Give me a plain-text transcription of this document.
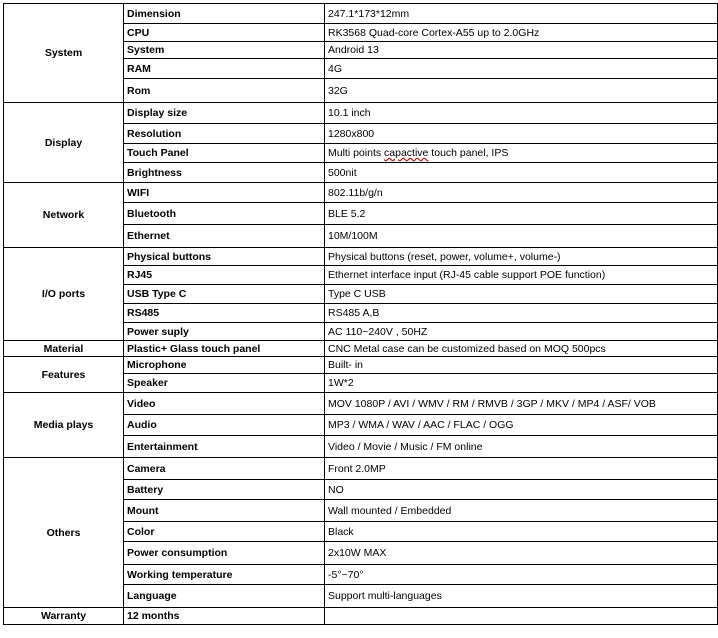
System	Dimension	247.1*173*12mm
	CPU	RK3568 Quad-core Cortex-A55 up to 2.0GHz
	System	Android 13
	RAM	4G
	Rom	32G
Display	Display size	10.1 inch
	Resolution	1280x800
	Touch Panel	Multi points capactive touch panel, IPS
	Brightness	500nit
Network	WIFI	802.11b/g/n
	Bluetooth	BLE 5.2
	Ethernet	10M/100M
I/O ports	Physical buttons	Physical buttons (reset, power, volume+, volume-)
	RJ45	Ethernet interface input (RJ-45 cable support POE function)
	USB Type C	Type C USB
	RS485	RS485 A,B
	Power suply	AC 110~240V , 50HZ
Material	Plastic+ Glass touch panel	CNC Metal case can be customized based on MOQ 500pcs
Features	Microphone	Built- in
	Speaker	1W*2
Media plays	Video	MOV 1080P / AVI / WMV / RM / RMVB / 3GP / MKV / MP4 / ASF/ VOB
	Audio	MP3 / WMA / WAV / AAC / FLAC / OGG
	Entertainment	Video / Movie / Music / FM online
Others	Camera	Front 2.0MP
	Battery	NO
	Mount	Wall mounted / Embedded
	Color	Black
	Power consumption	2x10W MAX
	Working temperature	-5°~70°
	Language	Support multi-languages
Warranty	12 months	
